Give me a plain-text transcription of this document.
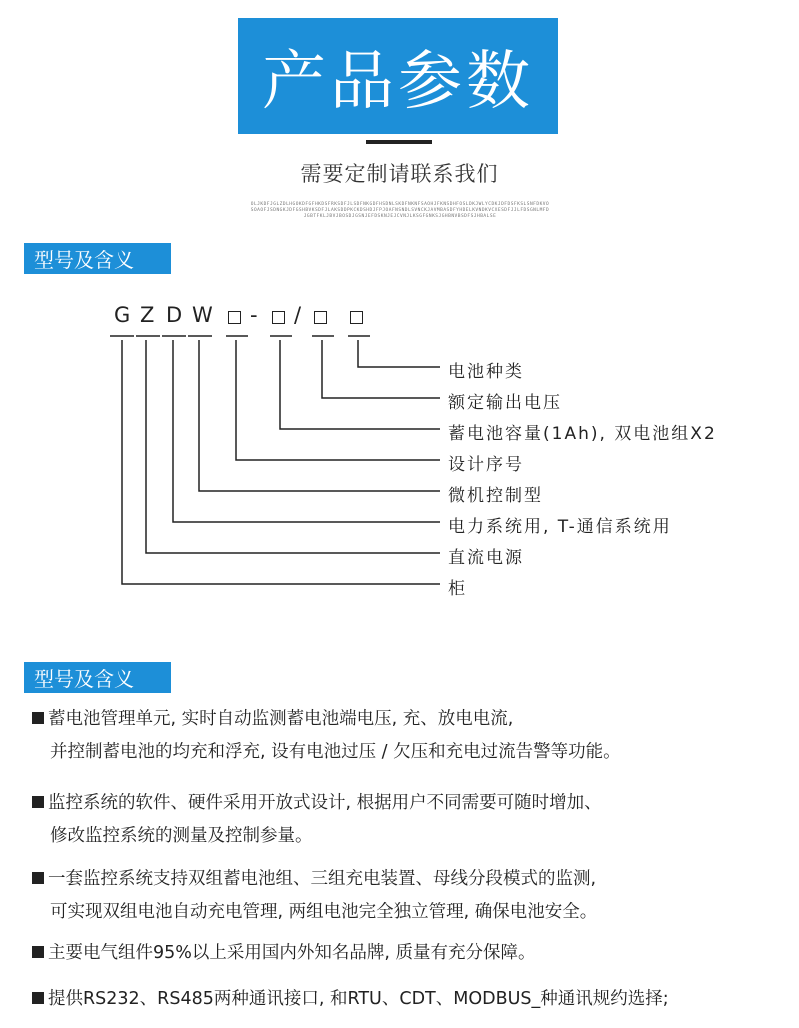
产品参数
需要定制请联系我们
OLJKDFJGLZDLHGOKDFGFHKDSFRKSDFJLSDFNKGDFHSDNLSKDFNKNFSAOHJFKNSDHFOSLDKJWLYCDKJDFDSFKSLSNFDKVOSOAOFJSDNGKJDFGSHBVKSDFJLAKSDDPKCKDSHDJFPJOAFNSNDLSVNCKJAVMBASDFYHDELKVNDKVCXESDFJJLFDSGNLMFDJGBTFKLJBVJBOSDJGSNJEFDSKNJEJCVNJLKSGFGNKSJGHBNVBSDFSJHBALSE
型号及含义
G Z D W - /
电池种类
额定输出电压
蓄电池容量(1Ah), 双电池组X2
设计序号
微机控制型
电力系统用, T-通信系统用
直流电源
柜
型号及含义
蓄电池管理单元, 实时自动监测蓄电池端电压, 充、放电电流,
并控制蓄电池的均充和浮充, 设有电池过压 / 欠压和充电过流告警等功能。
监控系统的软件、硬件采用开放式设计, 根据用户不同需要可随时增加、
修改监控系统的测量及控制参量。
一套监控系统支持双组蓄电池组、三组充电装置、母线分段模式的监测,
可实现双组电池自动充电管理, 两组电池完全独立管理, 确保电池安全。
主要电气组件95%以上采用国内外知名品牌, 质量有充分保障。
提供RS232、RS485两种通讯接口, 和RTU、CDT、MODBUS_种通讯规约选择;
